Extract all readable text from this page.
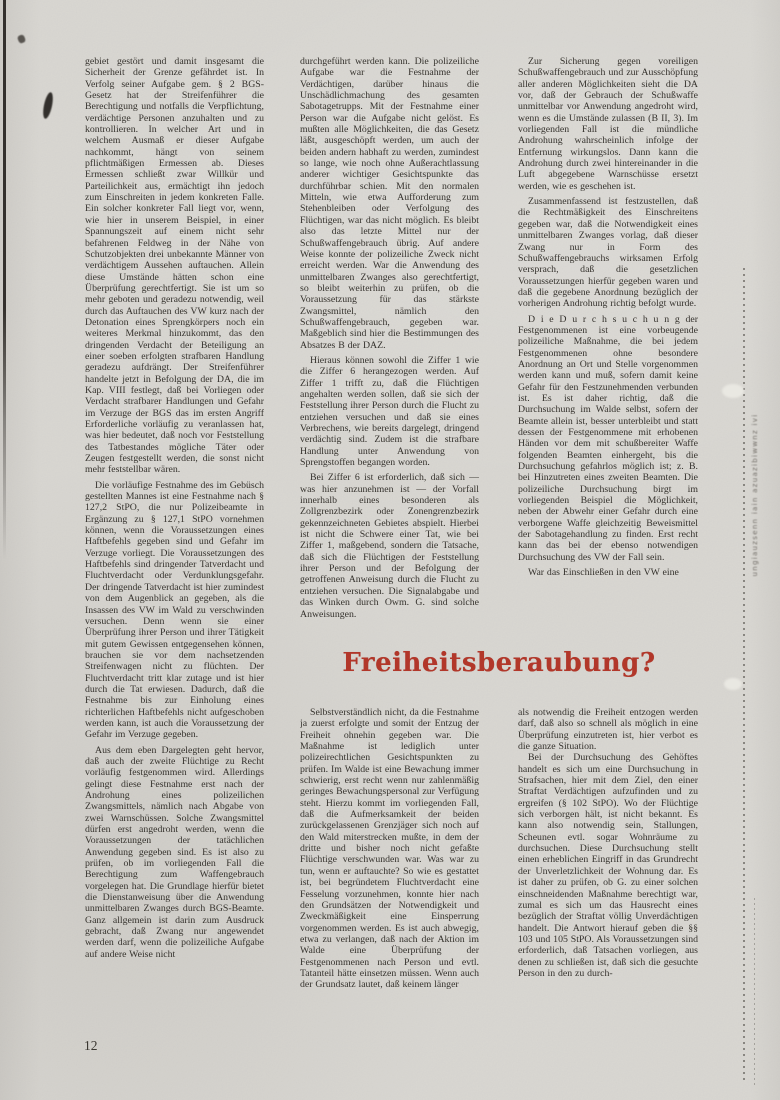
ungiauzsenn iain azuazibiwwnz ivi

gebiet gestört und damit insgesamt die Sicherheit der Grenze gefährdet ist. In Verfolg seiner Aufgabe gem. § 2 BGS-Gesetz hat der Streifenführer die Berechtigung und notfalls die Verpflichtung, verdächtige Personen anzuhalten und zu kontrollieren. In welcher Art und in welchem Ausmaß er dieser Aufgabe nachkommt, hängt von seinem pflichtmäßigen Ermessen ab. Dieses Ermessen schließt zwar Willkür und Parteilichkeit aus, ermächtigt ihn jedoch zum Einschreiten in jedem konkreten Falle. Ein solcher konkreter Fall liegt vor, wenn, wie hier in unserem Beispiel, in einer Spannungszeit auf einem nicht sehr befahrenen Feldweg in der Nähe von Schutzobjekten drei unbekannte Männer von verdächtigem Aussehen auftauchen. Allein diese Umstände hätten schon eine Überprüfung gerechtfertigt. Sie ist um so mehr geboten und geradezu notwendig, weil durch das Auftauchen des VW kurz nach der Detonation eines Sprengkörpers noch ein weiteres Merkmal hinzukommt, das den dringenden Verdacht der Beteiligung an einer soeben erfolgten strafbaren Handlung geradezu aufdrängt. Der Streifenführer handelte jetzt in Befolgung der DA, die im Kap. VIII festlegt, daß bei Vorliegen oder Verdacht strafbarer Handlungen und Gefahr im Verzuge der BGS das im ersten Angriff Erforderliche vorläufig zu veranlassen hat, was hier bedeutet, daß noch vor Feststellung des Tatbestandes mögliche Täter oder Zeugen festgestellt werden, die sonst nicht mehr feststellbar wären.

Die vorläufige Festnahme des im Gebüsch gestellten Mannes ist eine Festnahme nach § 127,2 StPO, die nur Polizeibeamte in Ergänzung zu § 127,1 StPO vornehmen können, wenn die Voraussetzungen eines Haftbefehls gegeben sind und Gefahr im Verzuge vorliegt. Die Voraussetzungen des Haftbefehls sind dringender Tatverdacht und Fluchtverdacht oder Verdunklungsgefahr. Der dringende Tatverdacht ist hier zumindest von dem Augenblick an gegeben, als die Insassen des VW im Wald zu verschwinden versuchen. Denn wenn sie einer Überprüfung ihrer Person und ihrer Tätigkeit mit gutem Gewissen entgegensehen können, brauchen sie vor dem nachsetzenden Streifenwagen nicht zu flüchten. Der Fluchtverdacht tritt klar zutage und ist hier durch die Tat erwiesen. Dadurch, daß die Festnahme bis zur Einholung eines richterlichen Haftbefehls nicht aufgeschoben werden kann, ist auch die Voraussetzung der Gefahr im Verzuge gegeben.

Aus dem eben Dargelegten geht hervor, daß auch der zweite Flüchtige zu Recht vorläufig festgenommen wird. Allerdings gelingt diese Festnahme erst nach der Androhung eines polizeilichen Zwangsmittels, nämlich nach Abgabe von zwei Warnschüssen. Solche Zwangsmittel dürfen erst angedroht werden, wenn die Voraussetzungen der tatächlichen Anwendung gegeben sind. Es ist also zu prüfen, ob im vorliegenden Fall die Berechtigung zum Waffengebrauch vorgelegen hat. Die Grundlage hierfür bietet die Dienstanweisung über die Anwendung unmittelbaren Zwanges durch BGS-Beamte. Ganz allgemein ist darin zum Ausdruck gebracht, daß Zwang nur angewendet werden darf, wenn die polizeiliche Aufgabe auf andere Weise nicht

durchgeführt werden kann. Die polizeiliche Aufgabe war die Festnahme der Verdächtigen, darüber hinaus die Unschädlichmachung des gesamten Sabotagetrupps. Mit der Festnahme einer Person war die Aufgabe nicht gelöst. Es mußten alle Möglichkeiten, die das Gesetz läßt, ausgeschöpft werden, um auch der beiden andern habhaft zu werden, zumindest so lange, wie noch ohne Außerachtlassung anderer wichtiger Gesichtspunkte das durchführbar schien. Mit den normalen Mitteln, wie etwa Aufforderung zum Stehenbleiben oder Verfolgung des Flüchtigen, war das nicht möglich. Es bleibt also das letzte Mittel nur der Schußwaffengebrauch übrig. Auf andere Weise konnte der polizeiliche Zweck nicht erreicht werden. War die Anwendung des unmittelbaren Zwanges also gerechtfertigt, so bleibt weiterhin zu prüfen, ob die Voraussetzung für das stärkste Zwangsmittel, nämlich den Schußwaffengebrauch, gegeben war. Maßgeblich sind hier die Bestimmungen des Absatzes B der DAZ.

Hieraus können sowohl die Ziffer 1 wie die Ziffer 6 herangezogen werden. Auf Ziffer 1 trifft zu, daß die Flüchtigen angehalten werden sollen, daß sie sich der Feststellung ihrer Person durch die Flucht zu entziehen versuchen und daß sie eines Verbrechens, wie bereits dargelegt, dringend verdächtig sind. Zudem ist die strafbare Handlung unter Anwendung von Sprengstoffen begangen worden.

Bei Ziffer 6 ist erforderlich, daß sich — was hier anzunehmen ist — der Vorfall innerhalb eines besonderen als Zollgrenzbezirk oder Zonengrenzbezirk gekennzeichneten Gebietes abspielt. Hierbei ist nicht die Schwere einer Tat, wie bei Ziffer 1, maßgebend, sondern die Tatsache, daß sich die Flüchtigen der Feststellung ihrer Person und der Befolgung der getroffenen Anweisung durch die Flucht zu entziehen versuchen. Die Signalabgabe und das Winken durch Owm. G. sind solche Anweisungen.

Zur Sicherung gegen voreiligen Schußwaffengebrauch und zur Ausschöpfung aller anderen Möglichkeiten sieht die DA vor, daß der Gebrauch der Schußwaffe unmittelbar vor Anwendung angedroht wird, wenn es die Umstände zulassen (B II, 3). Im vorliegenden Fall ist die mündliche Androhung wahrscheinlich infolge der Entfernung wirkungslos. Dann kann die Androhung durch zwei hintereinander in die Luft abgegebene Warnschüsse ersetzt werden, wie es geschehen ist.

Zusammenfassend ist festzustellen, daß die Rechtmäßigkeit des Einschreitens gegeben war, daß die Notwendigkeit eines unmittelbaren Zwanges vorlag, daß dieser Zwang nur in Form des Schußwaffengebrauchs wirksamen Erfolg versprach, daß die gesetzlichen Voraussetzungen hierfür gegeben waren und daß die gegebene Anordnung bezüglich der vorherigen Androhung richtig befolgt wurde.

D i e D u r c h s u c h u n g der Festgenommenen ist eine vorbeugende polizeiliche Maßnahme, die bei jedem Festgenommenen ohne besondere Anordnung an Ort und Stelle vorgenommen werden kann und muß, sofern damit keine Gefahr für den Festzunehmenden verbunden ist. Es ist daher richtig, daß die Durchsuchung im Walde selbst, sofern der Beamte allein ist, besser unterbleibt und statt dessen der Festgenommene mit erhobenen Händen vor dem mit schußbereiter Waffe folgenden Beamten einhergeht, bis die Durchsuchung gefahrlos möglich ist; z. B. bei Hinzutreten eines zweiten Beamten. Die polizeiliche Durchsuchung birgt im vorliegenden Beispiel die Möglichkeit, neben der Abwehr einer Gefahr durch eine verborgene Waffe gleichzeitig Beweismittel der Sabotagehandlung zu finden. Erst recht kann das bei der ebenso notwendigen Durchsuchung des VW der Fall sein.

War das Einschließen in den VW eine

Freiheitsberaubung?

Selbstverständlich nicht, da die Festnahme ja zuerst erfolgte und somit der Entzug der Freiheit ohnehin gegeben war. Die Maßnahme ist lediglich unter polizeirechtlichen Gesichtspunkten zu prüfen. Im Walde ist eine Bewachung immer schwierig, erst recht wenn nur zahlenmäßig geringes Bewachungspersonal zur Verfügung steht. Hierzu kommt im vorliegenden Fall, daß die Aufmerksamkeit der beiden zurückgelassenen Grenzjäger sich noch auf den Wald miterstrecken mußte, in dem der dritte und bisher noch nicht gefaßte Flüchtige verschwunden war. Was war zu tun, wenn er auftauchte? So wie es gestattet ist, bei begründetem Fluchtverdacht eine Fesselung vorzunehmen, konnte hier nach den Grundsätzen der Notwendigkeit und Zweckmäßigkeit eine Einsperrung vorgenommen werden. Es ist auch abwegig, etwa zu verlangen, daß nach der Aktion im Walde eine Überprüfung der Festgenommenen nach Person und evtl. Tatanteil hätte einsetzen müssen. Wenn auch der Grundsatz lautet, daß keinem länger

als notwendig die Freiheit entzogen werden darf, daß also so schnell als möglich in eine Überprüfung einzutreten ist, hier verbot es die ganze Situation.

Bei der Durchsuchung des Gehöftes handelt es sich um eine Durchsuchung in Strafsachen, hier mit dem Ziel, den einer Straftat Verdächtigen aufzufinden und zu ergreifen (§ 102 StPO). Wo der Flüchtige sich verborgen hält, ist nicht bekannt. Es kann also notwendig sein, Stallungen, Scheunen evtl. sogar Wohnräume zu durchsuchen. Diese Durchsuchung stellt einen erheblichen Eingriff in das Grundrecht der Unverletzlichkeit der Wohnung dar. Es ist daher zu prüfen, ob G. zu einer solchen einschneidenden Maßnahme berechtigt war, zumal es sich um das Hausrecht eines bezüglich der Straftat völlig Unverdächtigen handelt. Die Antwort hierauf geben die §§ 103 und 105 StPO. Als Voraussetzungen sind erforderlich, daß Tatsachen vorliegen, aus denen zu schließen ist, daß sich die gesuchte Person in den zu durch-

12
